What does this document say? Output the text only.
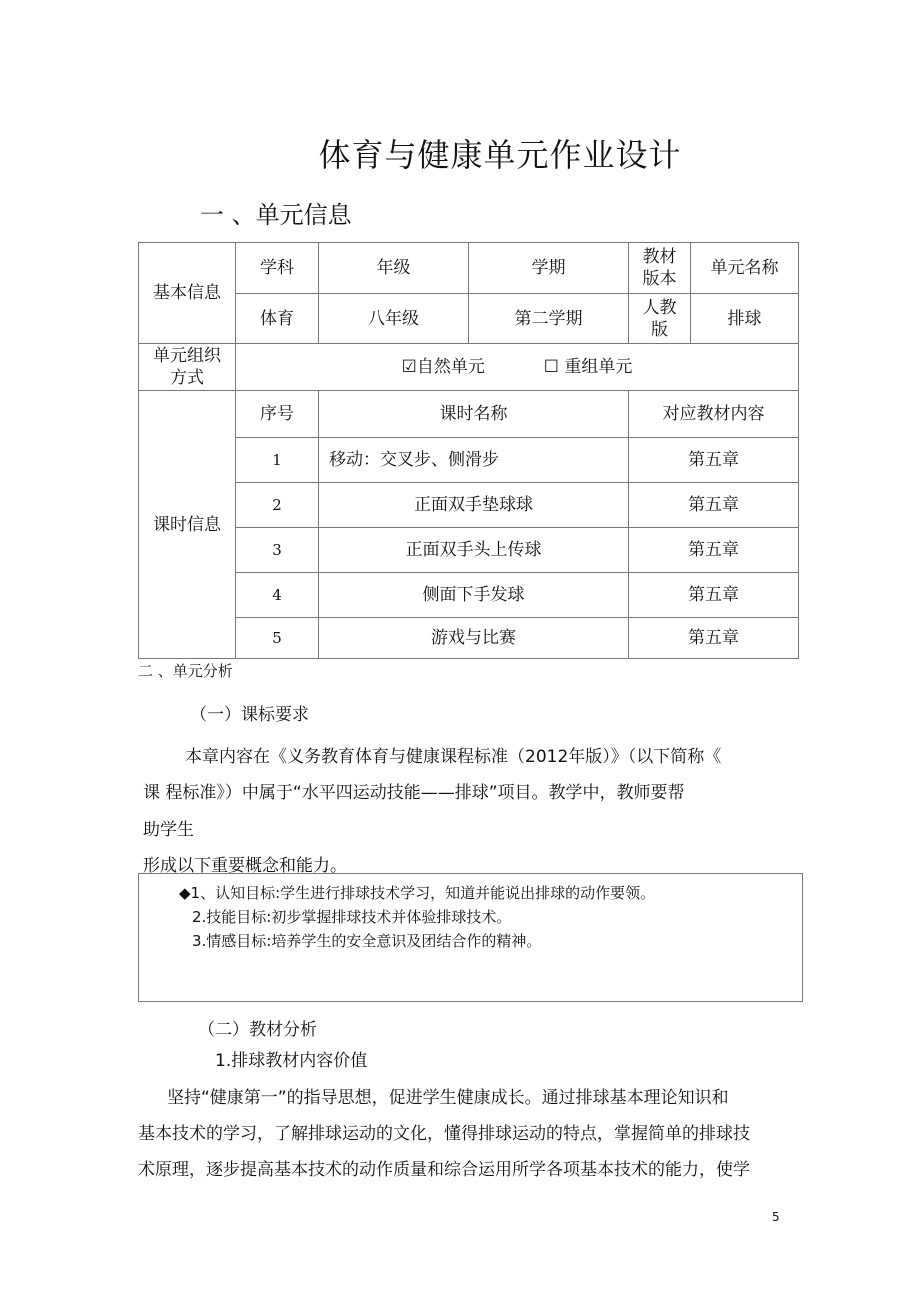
体育与健康单元作业设计
一 、单元信息
基本信息	学科	年级	学期	教材版本	单元名称
	体育	八年级	第二学期	人教版	排球
单元组织方式	☑自然单元 ☐ 重组单元				
课时信息	序号	课时名称		对应教材内容	
	1	移动：交叉步、侧滑步		第五章	
	2	正面双手垫球球		第五章	
	3	正面双手头上传球		第五章	
	4	侧面下手发球		第五章	
	5	游戏与比赛		第五章	
二 、单元分析
（一）课标要求
本章内容在《义务教育体育与健康课程标准（2012年版）》（以下简称《
课 程标准》）中属于“水平四运动技能——排球”项目。教学中，教师要帮
助学生
形成以下重要概念和能力。
◆1、认知目标:学生进行排球技术学习，知道并能说出排球的动作要领。
2.技能目标:初步掌握排球技术并体验排球技术。
3.情感目标:培养学生的安全意识及团结合作的精神。
（二）教材分析
1.排球教材内容价值
坚持“健康第一”的指导思想，促进学生健康成长。通过排球基本理论知识和
基本技术的学习，了解排球运动的文化，懂得排球运动的特点，掌握简单的排球技
术原理，逐步提高基本技术的动作质量和综合运用所学各项基本技术的能力，使学
5
